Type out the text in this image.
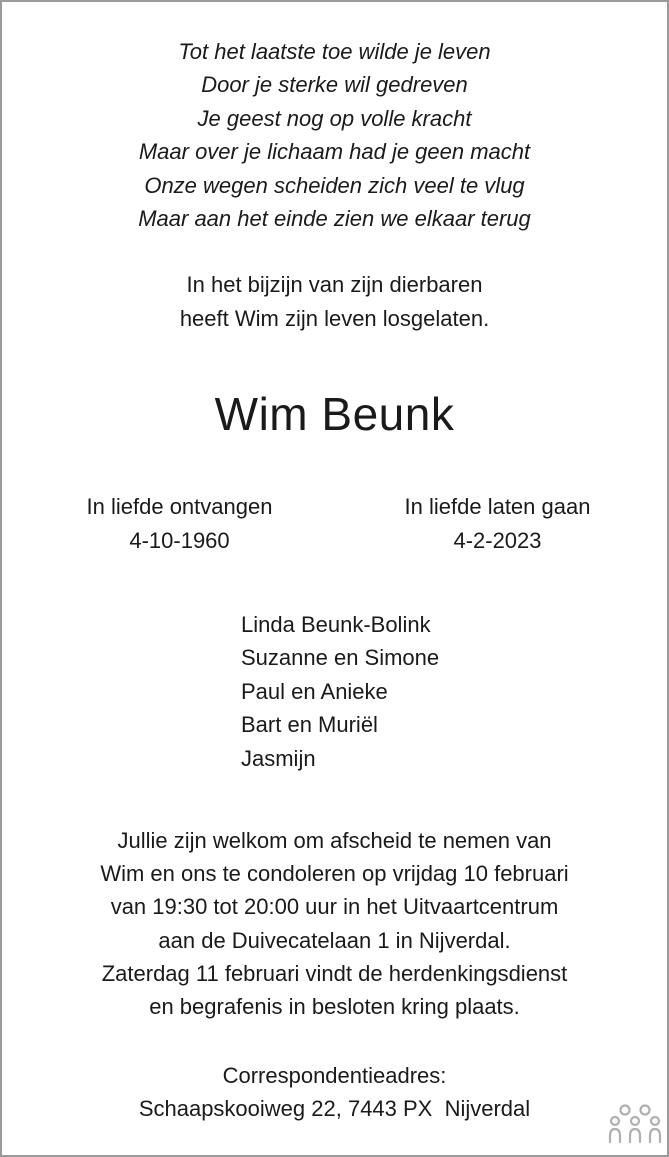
Tot het laatste toe wilde je leven
Door je sterke wil gedreven
Je geest nog op volle kracht
Maar over je lichaam had je geen macht
Onze wegen scheiden zich veel te vlug
Maar aan het einde zien we elkaar terug
In het bijzijn van zijn dierbaren
heeft Wim zijn leven losgelaten.
Wim Beunk
In liefde ontvangen
4-10-1960
In liefde laten gaan
4-2-2023
Linda Beunk-Bolink
Suzanne en Simone
Paul en Anieke
Bart en Muriël
Jasmijn
Jullie zijn welkom om afscheid te nemen van
Wim en ons te condoleren op vrijdag 10 februari
van 19:30 tot 20:00 uur in het Uitvaartcentrum
aan de Duivecatelaan 1 in Nijverdal.
Zaterdag 11 februari vindt de herdenkingsdienst
en begrafenis in besloten kring plaats.
Correspondentieadres:
Schaapskooiweg 22, 7443 PX  Nijverdal
